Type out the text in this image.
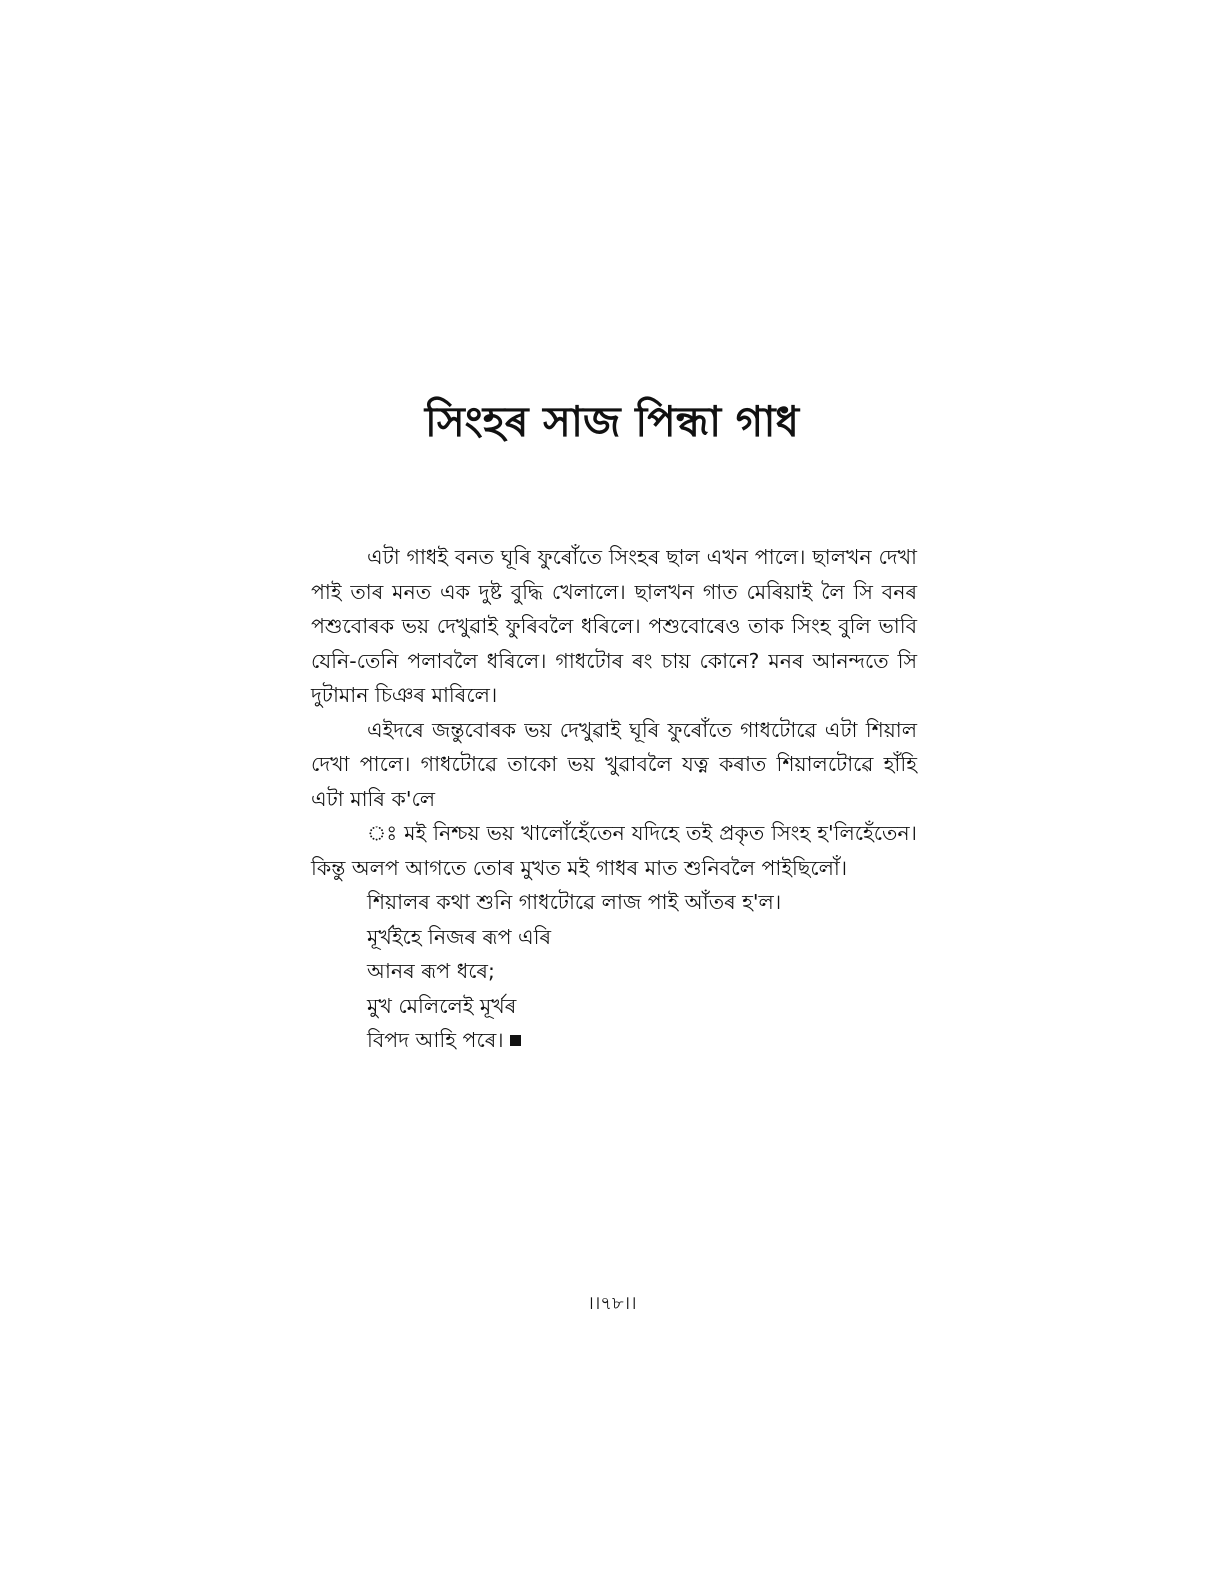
সিংহৰ সাজ পিন্ধা গাধ

এটা গাধই বনত ঘূৰি ফুৰোঁতে সিংহৰ ছাল এখন পালে। ছালখন দেখা পাই তাৰ মনত এক দুষ্ট বুদ্ধি খেলালে। ছালখন গাত মেৰিয়াই লৈ সি বনৰ পশুবোৰক ভয় দেখুৱাই ফুৰিবলৈ ধৰিলে। পশুবোৰেও তাক সিংহ বুলি ভাবি যেনি-তেনি পলাবলৈ ধৰিলে। গাধটোৰ ৰং চায় কোনে? মনৰ আনন্দতে সি দুটামান চিঞৰ মাৰিলে।

এইদৰে জন্তুবোৰক ভয় দেখুৱাই ঘূৰি ফুৰোঁতে গাধটোৱে এটা শিয়াল দেখা পালে। গাধটোৱে তাকো ভয় খুৱাবলৈ যত্ন কৰাত শিয়ালটোৱে হাঁহি এটা মাৰি ক'লে

ঃ মই নিশ্চয় ভয় খালোঁহেঁতেন যদিহে তই প্ৰকৃত সিংহ হ'লিহেঁতেন। কিন্তু অলপ আগতে তোৰ মুখত মই গাধৰ মাত শুনিবলৈ পাইছিলোঁ।

শিয়ালৰ কথা শুনি গাধটোৱে লাজ পাই আঁতৰ হ'ল।

মূৰ্খইহে নিজৰ ৰূপ এৰি
আনৰ ৰূপ ধৰে;
মুখ মেলিলেই মূৰ্খৰ
বিপদ আহি পৰে।
।।৭৮।।
